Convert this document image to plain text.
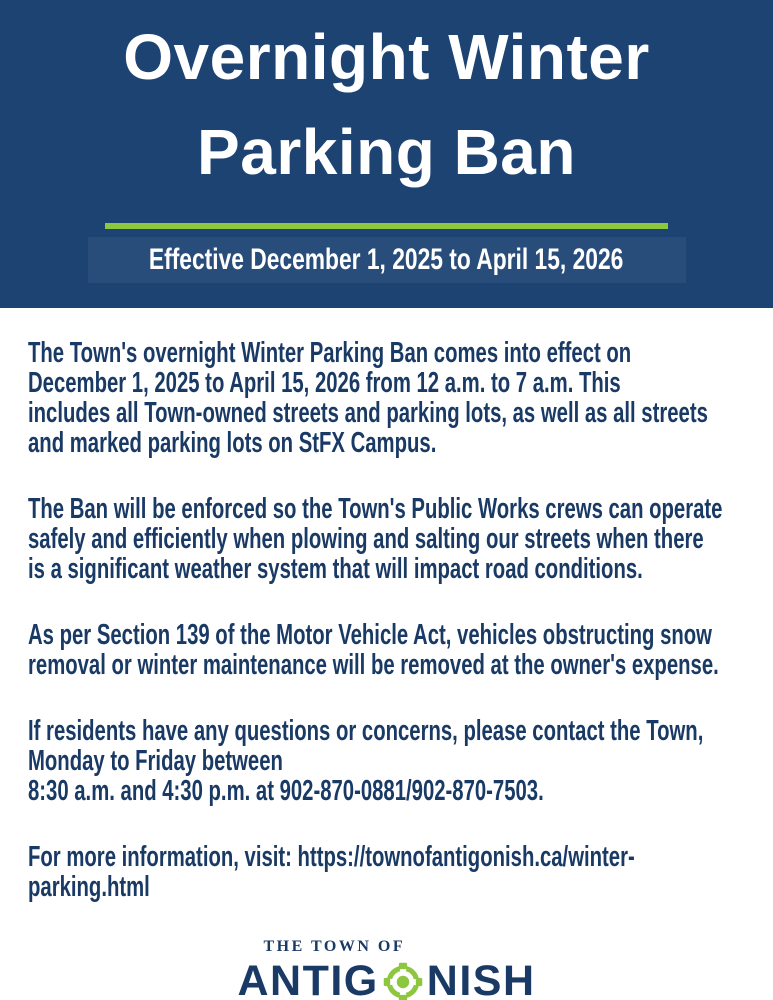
Overnight Winter Parking Ban
Effective December 1, 2025 to April 15, 2026
The Town's overnight Winter Parking Ban comes into effect on
December 1, 2025 to April 15, 2026 from 12 a.m. to 7 a.m. This
includes all Town-owned streets and parking lots, as well as all streets
and marked parking lots on StFX Campus.
The Ban will be enforced so the Town's Public Works crews can operate
safely and efficiently when plowing and salting our streets when there
is a significant weather system that will impact road conditions.
As per Section 139 of the Motor Vehicle Act, vehicles obstructing snow
removal or winter maintenance will be removed at the owner's expense.
If residents have any questions or concerns, please contact the Town,
Monday to Friday between
8:30 a.m. and 4:30 p.m. at 902-870-0881/902-870-7503.
For more information, visit: https://townofantigonish.ca/winter-
parking.html
THE TOWN OF
ANTIG NISH
